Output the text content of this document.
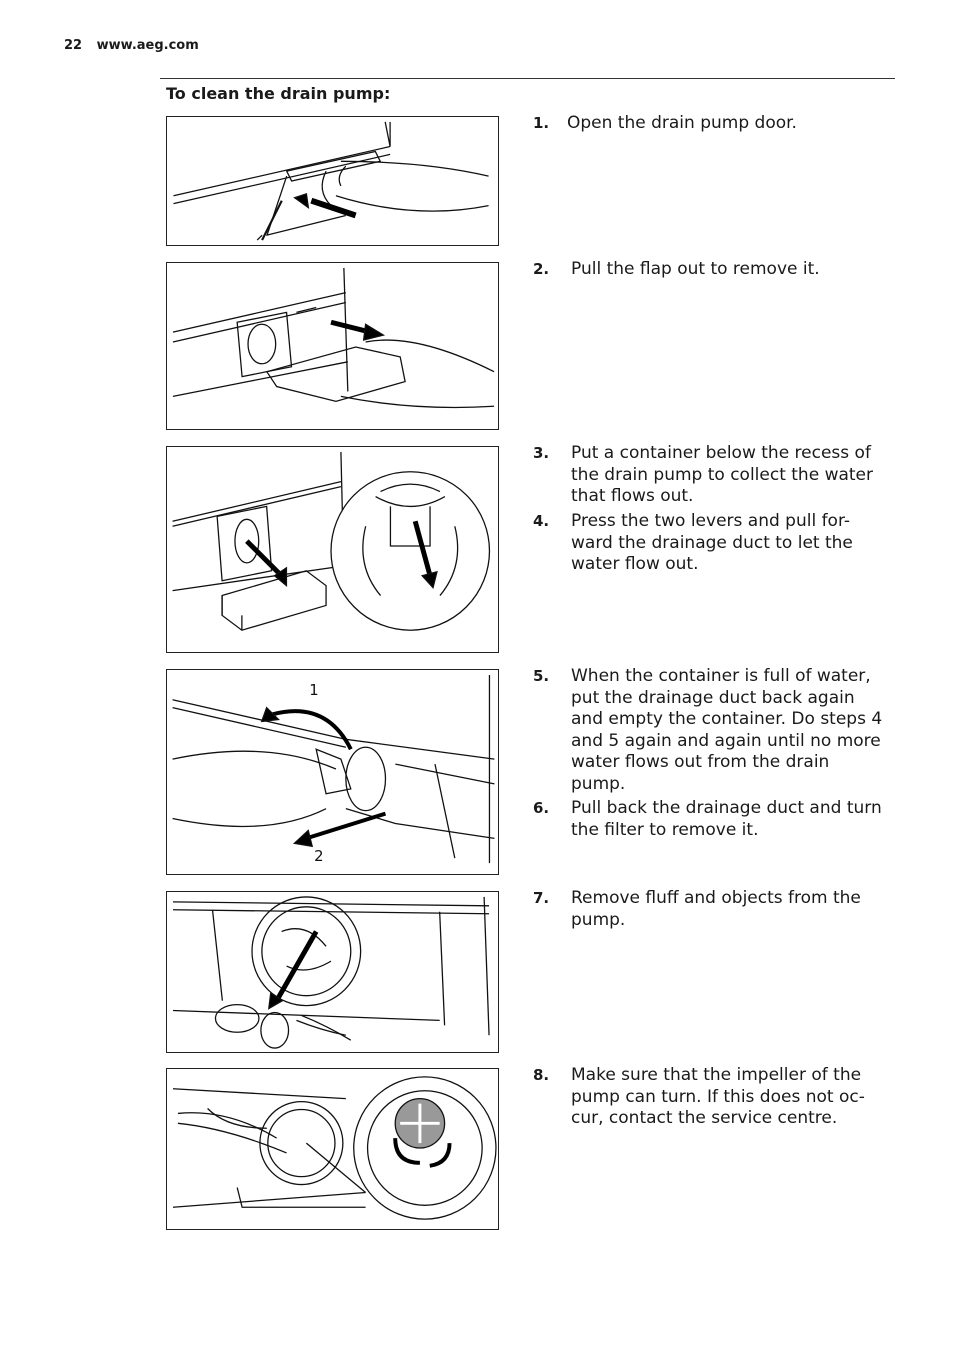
22 www.aeg.com
To clean the drain pump:
1
2
1. Open the drain pump door.
2. Pull the flap out to remove it.
3. Put a container below the recess of the drain pump to collect the water that flows out.
4. Press the two levers and pull for-ward the drainage duct to let the water flow out.
5. When the container is full of water, put the drainage duct back again and empty the container. Do steps 4 and 5 again and again until no more water flows out from the drain pump.
6. Pull back the drainage duct and turn the filter to remove it.
7. Remove fluff and objects from the pump.
8. Make sure that the impeller of the pump can turn. If this does not oc-cur, contact the service centre.
